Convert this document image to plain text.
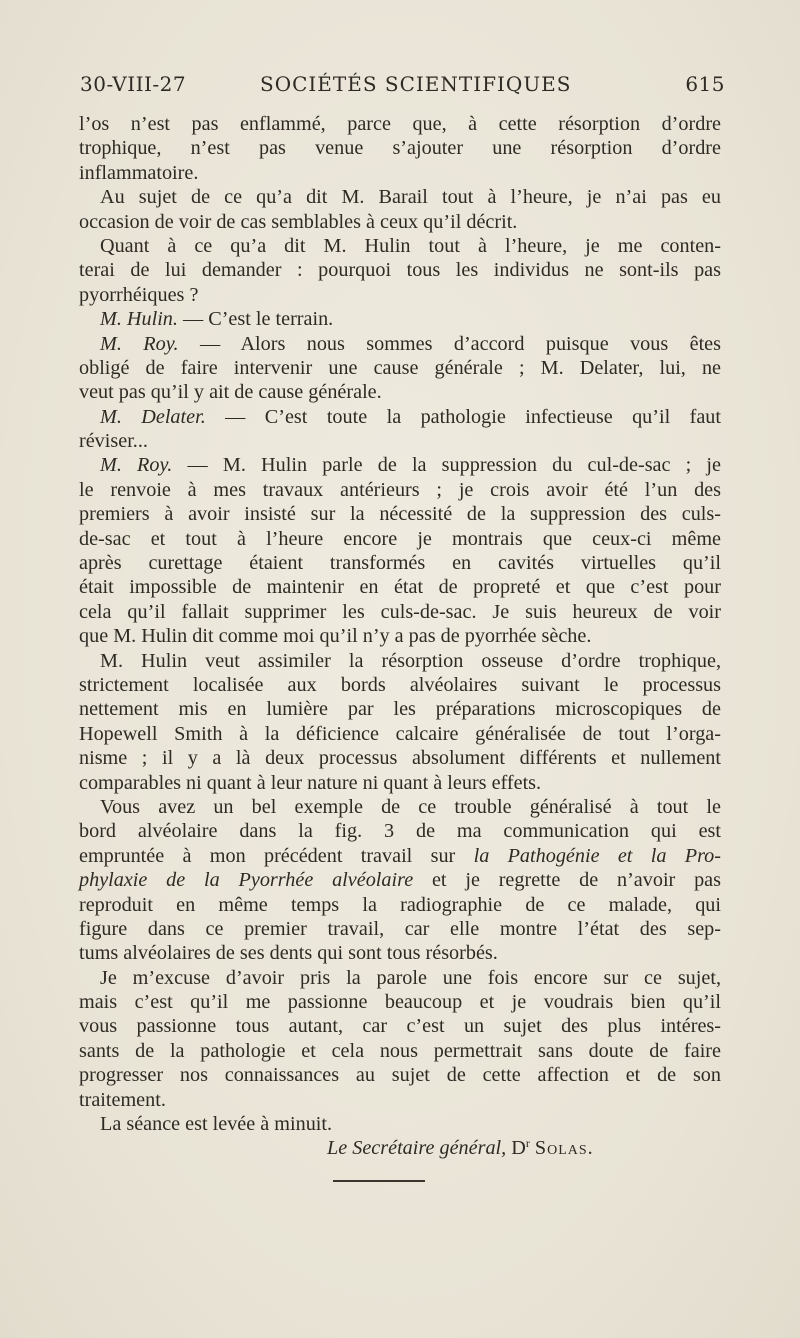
30-VIII-27	SOCIÉTÉS SCIENTIFIQUES	615
l’os n’est pas enflammé, parce que, à cette résorption d’ordre
trophique, n’est pas venue s’ajouter une résorption d’ordre
inflammatoire.
Au sujet de ce qu’a dit M. Barail tout à l’heure, je n’ai pas eu
occasion de voir de cas semblables à ceux qu’il décrit.
Quant à ce qu’a dit M. Hulin tout à l’heure, je me conten-
terai de lui demander : pourquoi tous les individus ne sont-ils pas
pyorrhéiques ?
M. Hulin. — C’est le terrain.
M. Roy. — Alors nous sommes d’accord puisque vous êtes
obligé de faire intervenir une cause générale ; M. Delater, lui, ne
veut pas qu’il y ait de cause générale.
M. Delater. — C’est toute la pathologie infectieuse qu’il faut
réviser...
M. Roy. — M. Hulin parle de la suppression du cul-de-sac ; je
le renvoie à mes travaux antérieurs ; je crois avoir été l’un des
premiers à avoir insisté sur la nécessité de la suppression des culs-
de-sac et tout à l’heure encore je montrais que ceux-ci même
après curettage étaient transformés en cavités virtuelles qu’il
était impossible de maintenir en état de propreté et que c’est pour
cela qu’il fallait supprimer les culs-de-sac. Je suis heureux de voir
que M. Hulin dit comme moi qu’il n’y a pas de pyorrhée sèche.
M. Hulin veut assimiler la résorption osseuse d’ordre trophique,
strictement localisée aux bords alvéolaires suivant le processus
nettement mis en lumière par les préparations microscopiques de
Hopewell Smith à la déficience calcaire généralisée de tout l’orga-
nisme ; il y a là deux processus absolument différents et nullement
comparables ni quant à leur nature ni quant à leurs effets.
Vous avez un bel exemple de ce trouble généralisé à tout le
bord alvéolaire dans la fig. 3 de ma communication qui est
empruntée à mon précédent travail sur la Pathogénie et la Pro-
phylaxie de la Pyorrhée alvéolaire et je regrette de n’avoir pas
reproduit en même temps la radiographie de ce malade, qui
figure dans ce premier travail, car elle montre l’état des sep-
tums alvéolaires de ses dents qui sont tous résorbés.
Je m’excuse d’avoir pris la parole une fois encore sur ce sujet,
mais c’est qu’il me passionne beaucoup et je voudrais bien qu’il
vous passionne tous autant, car c’est un sujet des plus intéres-
sants de la pathologie et cela nous permettrait sans doute de faire
progresser nos connaissances au sujet de cette affection et de son
traitement.
La séance est levée à minuit.
Le Secrétaire général, $D^r$ Solas.
